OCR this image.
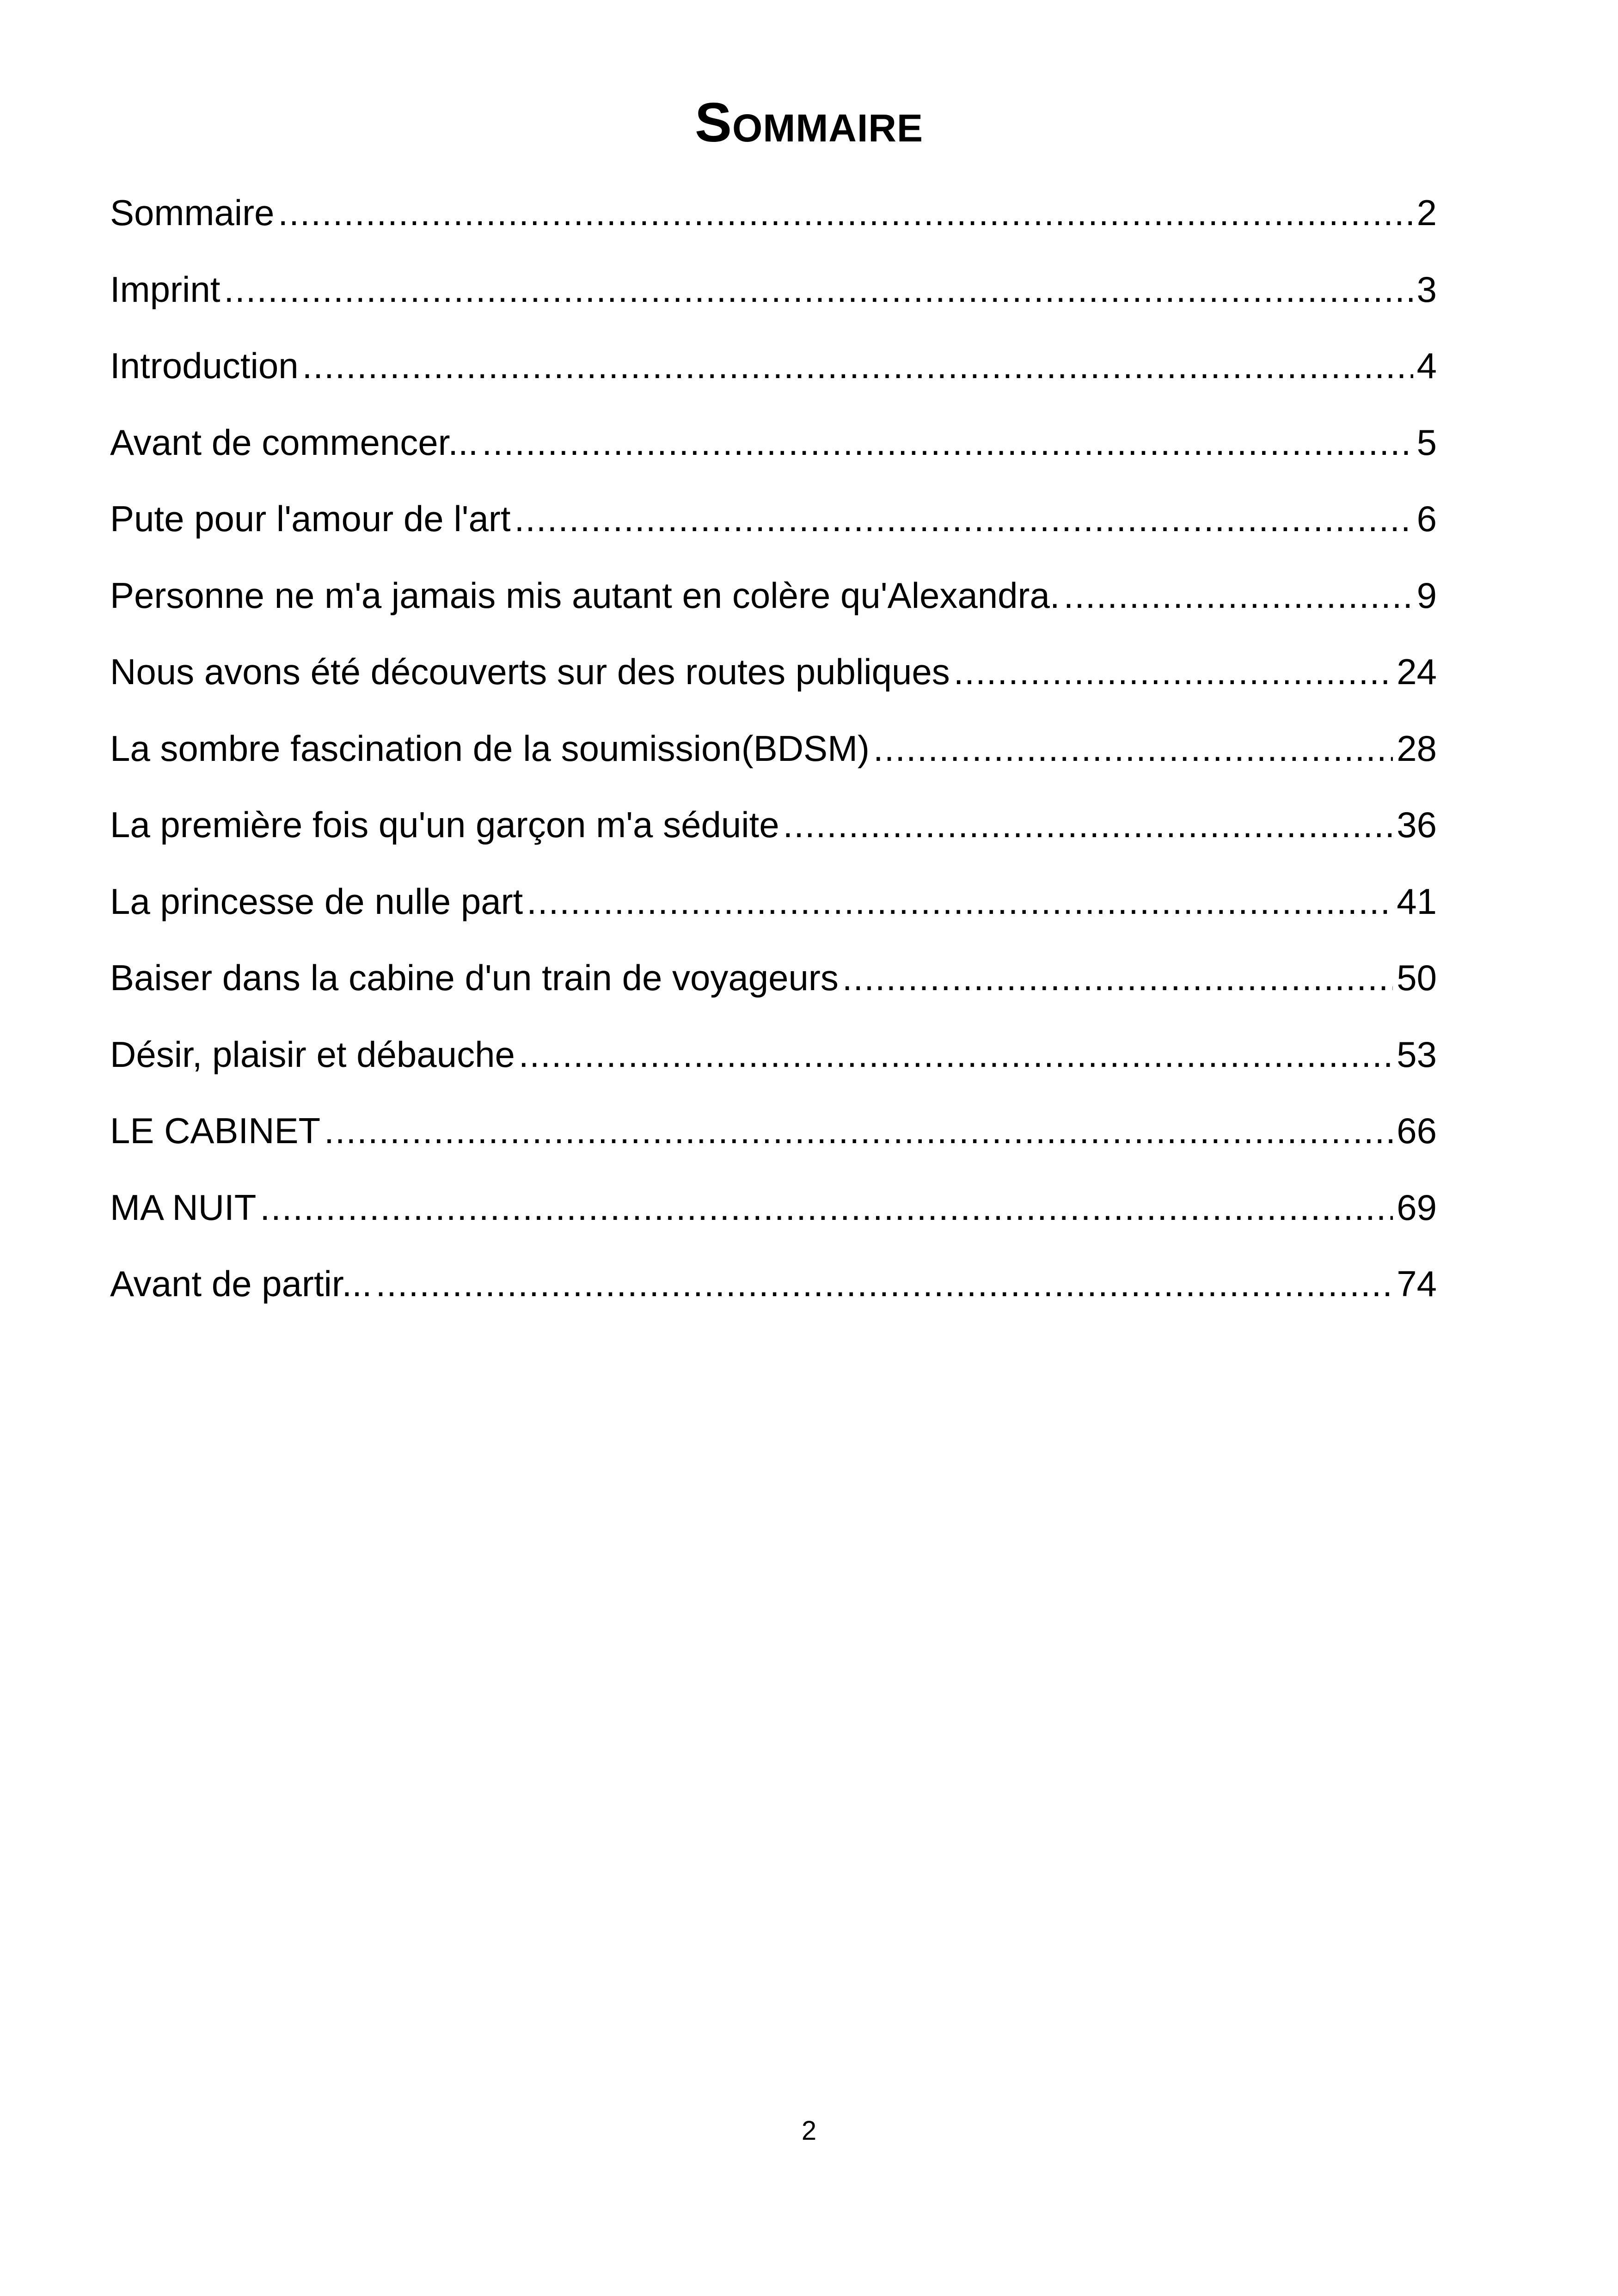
Sommaire
Sommaire .....	2
Imprint .....	3
Introduction .....	4
Avant de commencer... .....	5
Pute pour l'amour de l'art .....	6
Personne ne m'a jamais mis autant en colère qu'Alexandra. .....	9
Nous avons été découverts sur des routes publiques .....	24
La sombre fascination de la soumission(BDSM) .....	28
La première fois qu'un garçon m'a séduite .....	36
La princesse de nulle part .....	41
Baiser dans la cabine d'un train de voyageurs .....	50
Désir, plaisir et débauche .....	53
LE CABINET .....	66
MA NUIT .....	69
Avant de partir... .....	74
2
